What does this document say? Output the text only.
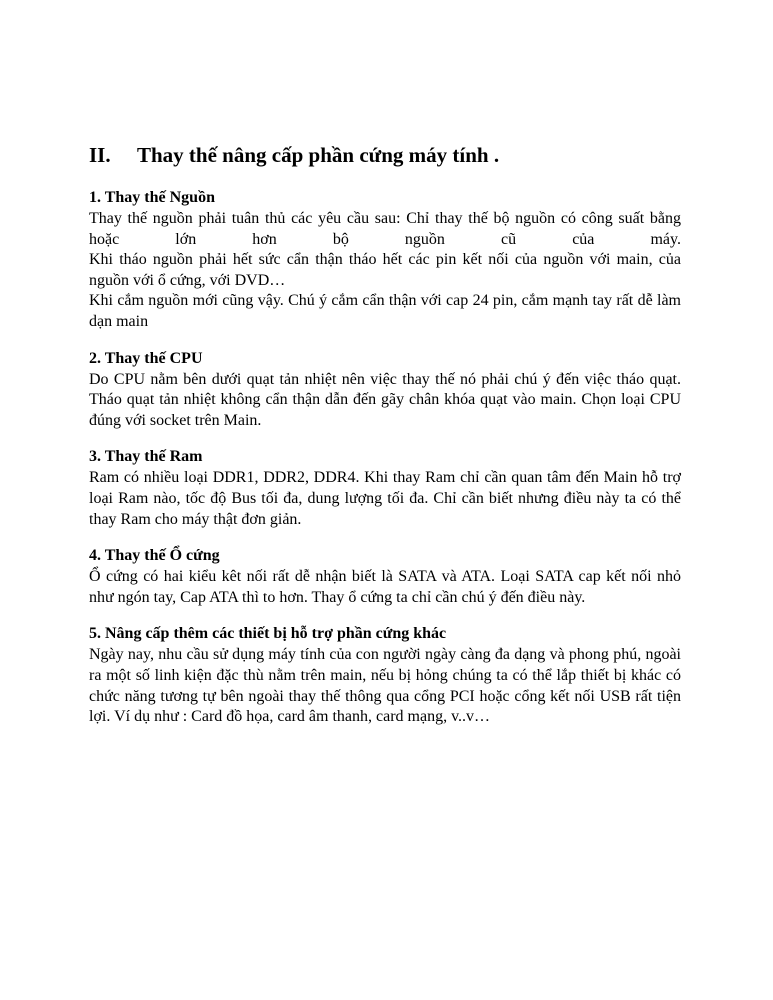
II. Thay thế nâng cấp phần cứng máy tính .
1. Thay thế Nguồn

Thay thế nguồn phải tuân thủ các yêu cầu sau: Chỉ thay thế bộ nguồn có công suất bằng hoặc lớn hơn bộ nguồn cũ của máy.

Khi tháo nguồn phải hết sức cẩn thận tháo hết các pin kết nối của nguồn với main, của nguồn với ổ cứng, với DVD…

Khi cắm nguồn mới cũng vậy. Chú ý cắm cẩn thận với cap 24 pin, cắm mạnh tay rất dễ làm dạn main

2. Thay thế CPU

Do CPU nằm bên dưới quạt tản nhiệt nên việc thay thế nó phải chú ý đến việc tháo quạt. Tháo quạt tản nhiệt không cẩn thận dẫn đến gãy chân khóa quạt vào main. Chọn loại CPU đúng với socket trên Main.

3. Thay thế Ram

Ram có nhiều loại DDR1, DDR2, DDR4. Khi thay Ram chỉ cần quan tâm đến Main hỗ trợ loại Ram nào, tốc độ Bus tối đa, dung lượng tối đa. Chỉ cần biết nhưng điều này ta có thể thay Ram cho máy thật đơn giản.

4. Thay thế Ổ cứng

Ổ cứng có hai kiểu kêt nối rất dễ nhận biết là SATA và ATA. Loại SATA cap kết nối nhỏ như ngón tay, Cap ATA thì to hơn. Thay ổ cứng ta chỉ cần chú ý đến điều này.

5. Nâng cấp thêm các thiết bị hỗ trợ phần cứng khác

Ngày nay, nhu cầu sử dụng máy tính của con người ngày càng đa dạng và phong phú, ngoài ra một số linh kiện đặc thù nằm trên main, nếu bị hỏng chúng ta có thể lắp thiết bị khác có chức năng tương tự bên ngoài thay thế thông qua cổng PCI hoặc cổng kết nối USB rất tiện lợi. Ví dụ như : Card đồ họa, card âm thanh, card mạng, v..v…
